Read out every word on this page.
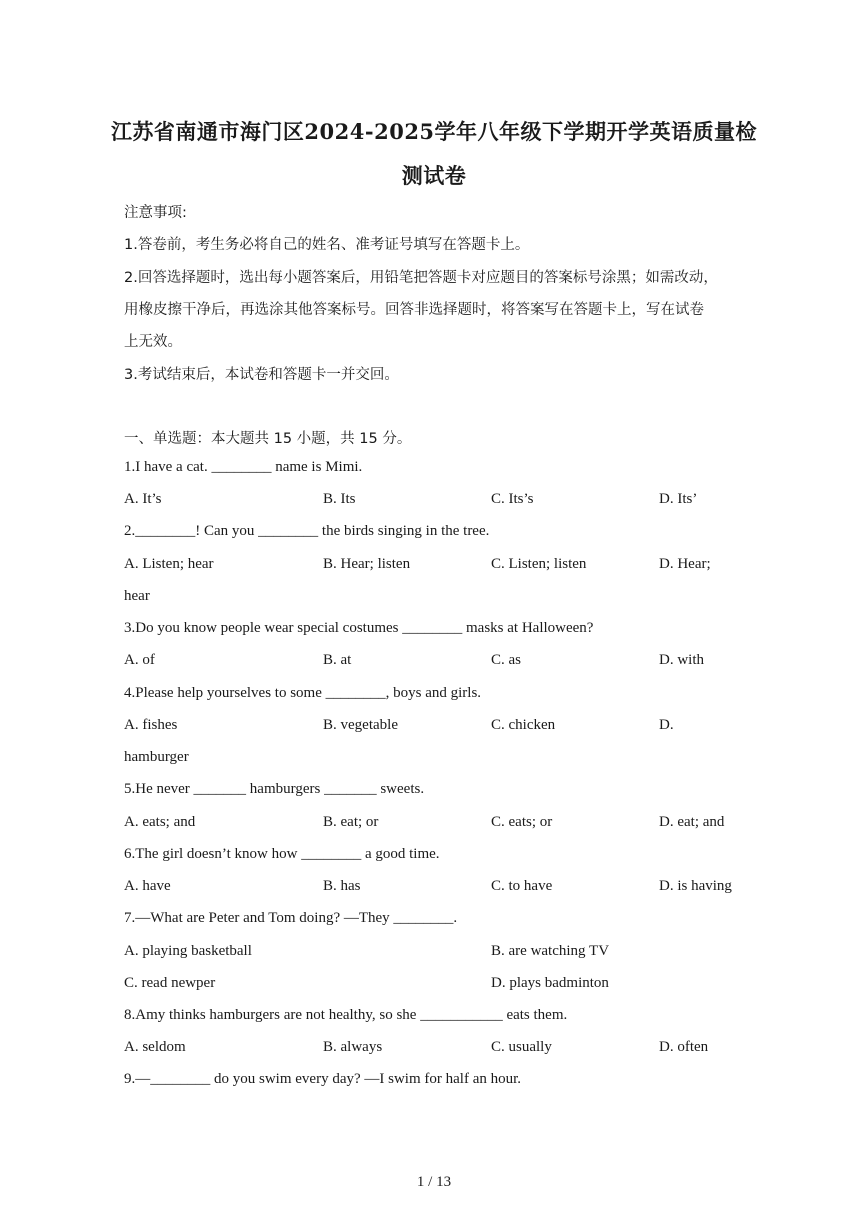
江苏省南通市海门区2024-2025学年八年级下学期开学英语质量检
测试卷
注意事项:
1.答卷前，考生务必将自己的姓名、准考证号填写在答题卡上。
2.回答选择题时，选出每小题答案后，用铅笔把答题卡对应题目的答案标号涂黑；如需改动，
用橡皮擦干净后，再选涂其他答案标号。回答非选择题时，将答案写在答题卡上，写在试卷
上无效。
3.考试结束后，本试卷和答题卡一并交回。
一、单选题：本大题共 15 小题，共 15 分。
1.I have a cat. ________ name is Mimi.
A. It’s	B. Its	C. Its’s	D. Its’
2.________! Can you ________ the birds singing in the tree.
A. Listen; hear	B. Hear; listen	C. Listen; listen	D. Hear;
hear
3.Do you know people wear special costumes ________ masks at Halloween?
A. of	B. at	C. as	D. with
4.Please help yourselves to some ________, boys and girls.
A. fishes	B. vegetable	C. chicken	D.
hamburger
5.He never _______ hamburgers _______ sweets.
A. eats; and	B. eat; or	C. eats; or	D. eat; and
6.The girl doesn’t know how ________ a good time.
A. have	B. has	C. to have	D. is having
7.—What are Peter and Tom doing? —They ________.
A. playing basketball	B. are watching TV
C. read newper	D. plays badminton
8.Amy thinks hamburgers are not healthy, so she ___________ eats them.
A. seldom	B. always	C. usually	D. often
9.—________ do you swim every day? —I swim for half an hour.
1 / 13
